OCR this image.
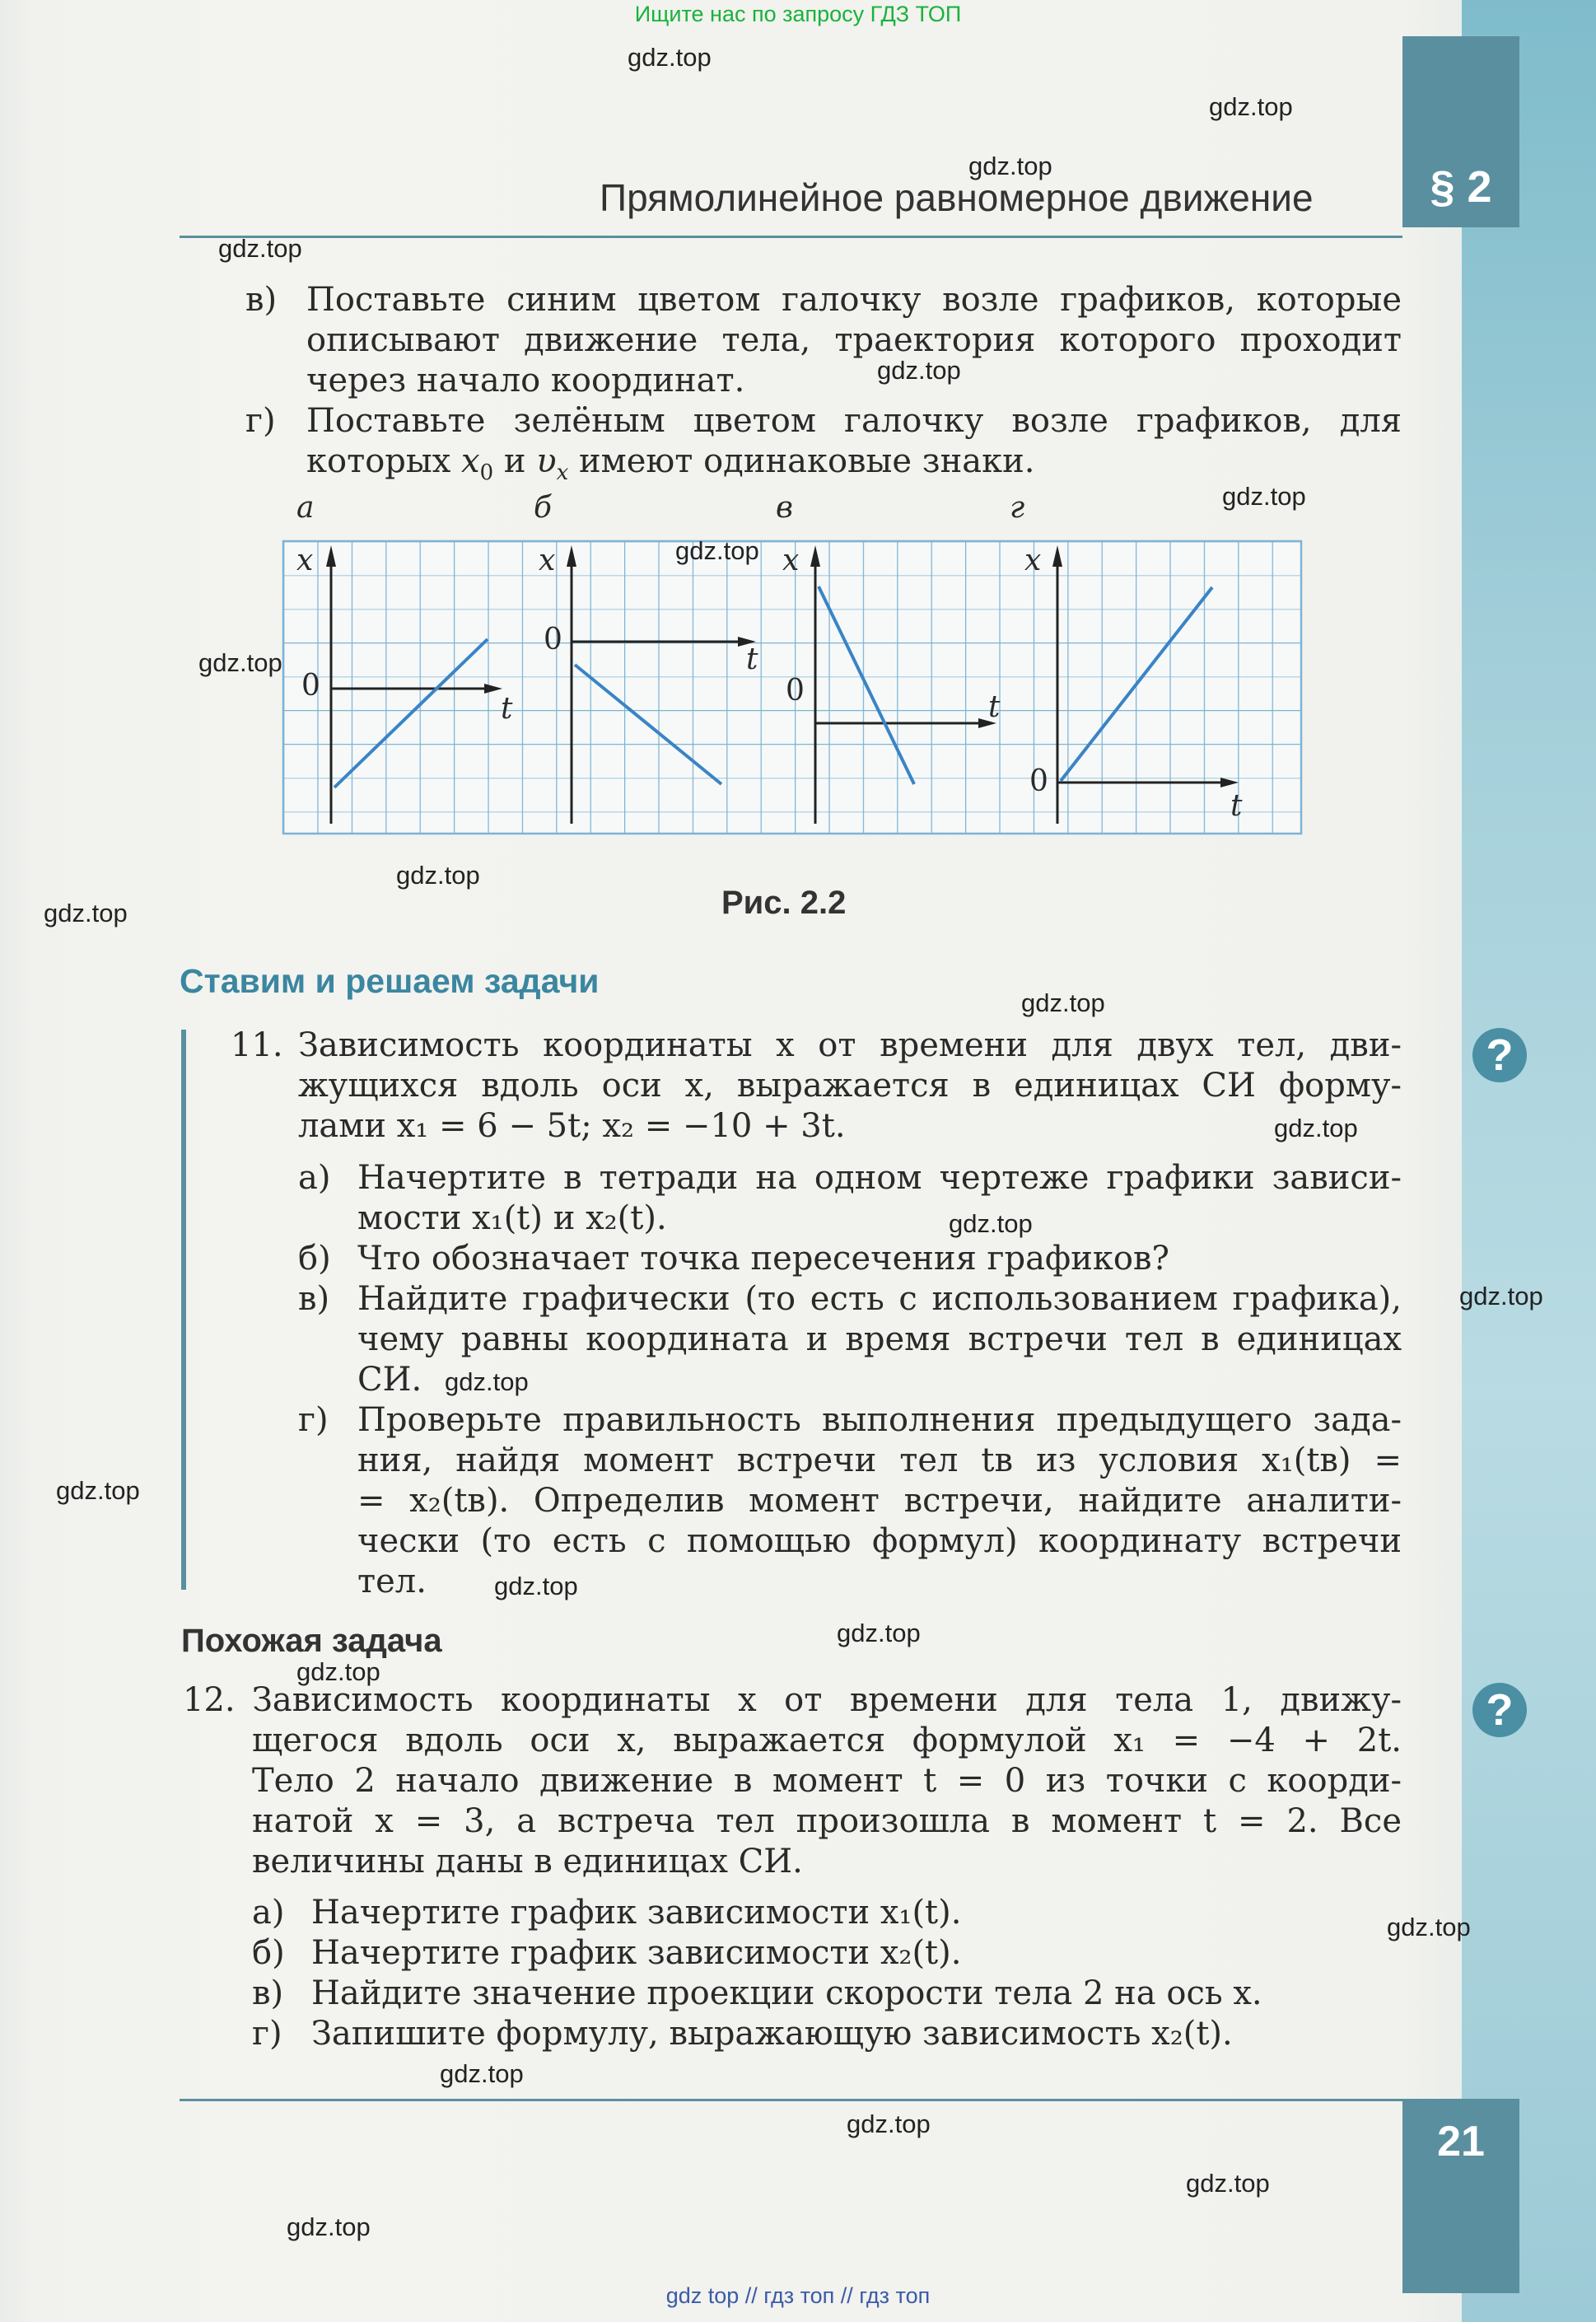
§ 2
21
Ищите нас по запросу ГДЗ ТОП
Прямолинейное равномерное движение
в) Поставьте синим цветом галочку возле графиков, которые
описывают движение тела, траектория которого проходит
через начало координат.
г) Поставьте зелёным цветом галочку возле графиков, для
которых $x_0$ и $\upsilon_x$ имеют одинаковые знаки.
а	б	в	г
x
0
t
x
0
t
x
0	t
x
0
t
Рис. 2.2
Ставим и решаем задачи
11. Зависимость координаты x от времени для двух тел, дви-
жущихся вдоль оси x, выражается в единицах СИ форму-
лами x₁ = 6 − 5t; x₂ = −10 + 3t.
а) Начертите в тетради на одном чертеже графики зависи-
мости x₁(t) и x₂(t).
б) Что обозначает точка пересечения графиков?
в) Найдите графически (то есть с использованием графика),
чему равны координата и время встречи тел в единицах
СИ.
г) Проверьте правильность выполнения предыдущего зада-
ния, найдя момент встречи тел tв из условия x₁(tв) =
= x₂(tв). Определив момент встречи, найдите аналити-
чески (то есть с помощью формул) координату встречи
тел.
Похожая задача
12. Зависимость координаты x от времени для тела 1, движу-
щегося вдоль оси x, выражается формулой x₁ = −4 + 2t.
Тело 2 начало движение в момент t = 0 из точки с коорди-
натой x = 3, а встреча тел произошла в момент t = 2. Все
величины даны в единицах СИ.
а) Начертите график зависимости x₁(t).
б) Начертите график зависимости x₂(t).
в) Найдите значение проекции скорости тела 2 на ось x.
г) Запишите формулу, выражающую зависимость x₂(t).
?
?
gdz.top
gdz.top
gdz.top
gdz.top
gdz.top
gdz.top
gdz.top
gdz.top
gdz.top
gdz.top
gdz.top
gdz.top
gdz.top
gdz.top
gdz.top
gdz.top
gdz.top
gdz.top
gdz.top
gdz.top
gdz.top
gdz.top
gdz.top
gdz.top
gdz top // гдз топ // гдз топ
